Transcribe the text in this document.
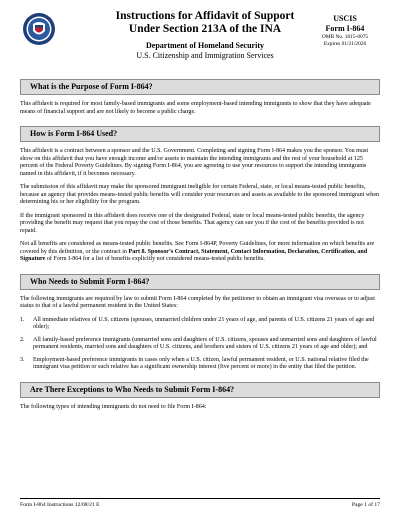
Instructions for Affidavit of Support
Under Section 213A of the INA
Department of Homeland Security
U.S. Citizenship and Immigration Services
USCIS
Form I-864
OMB No. 1615-0075
Expires 01/31/2026
What is the Purpose of Form I-864?

This affidavit is required for most family-based immigrants and some employment-based intending immigrants to show that they have adequate means of financial support and are not likely to become a public charge.

How is Form I-864 Used?

This affidavit is a contract between a sponsor and the U.S. Government. Completing and signing Form I-864 makes you the sponsor. You must show on this affidavit that you have enough income and/or assets to maintain the intending immigrants and the rest of your household at 125 percent of the Federal Poverty Guidelines. By signing Form I-864, you are agreeing to use your resources to support the intending immigrants named in this affidavit, if it becomes necessary.

The submission of this affidavit may make the sponsored immigrant ineligible for certain Federal, state, or local means-tested public benefits, because an agency that provides means-tested public benefits will consider your resources and assets as available to the sponsored immigrant when determining his or her eligibility for the program.

If the immigrant sponsored in this affidavit does receive one of the designated Federal, state or local means-tested public benefits, the agency providing the benefit may request that you repay the cost of those benefits. That agency can sue you if the cost of the benefits provided is not repaid.

Not all benefits are considered as means-tested public benefits. See Form I-864P, Poverty Guidelines, for more information on which benefits are covered by this definition, or the contract in Part 8. Sponsor’s Contract, Statement, Contact Information, Declaration, Certification, and Signature of Form I-864 for a list of benefits explicitly not considered means-tested public benefits.

Who Needs to Submit Form I-864?

The following immigrants are required by law to submit Form I-864 completed by the petitioner to obtain an immigrant visa overseas or to adjust status to that of a lawful permanent resident in the United States:

1.	All immediate relatives of U.S. citizens (spouses, unmarried children under 21 years of age, and parents of U.S. citizens 21 years of age and older);
2.	All family-based preference immigrants (unmarried sons and daughters of U.S. citizens, spouses and unmarried sons and daughters of lawful permanent residents, married sons and daughters of U.S. citizens, and brothers and sisters of U.S. citizens 21 years of age and older); and
3.	Employment-based preference immigrants in cases only when a U.S. citizen, lawful permanent resident, or U.S. national relative filed the immigrant visa petition or such relative has a significant ownership interest (five percent or more) in the entity that filed the petition.
Are There Exceptions to Who Needs to Submit Form I-864?

The following types of intending immigrants do not need to file Form I-864:

Form I-864 Instructions 12/08/21 E	Page 1 of 17
